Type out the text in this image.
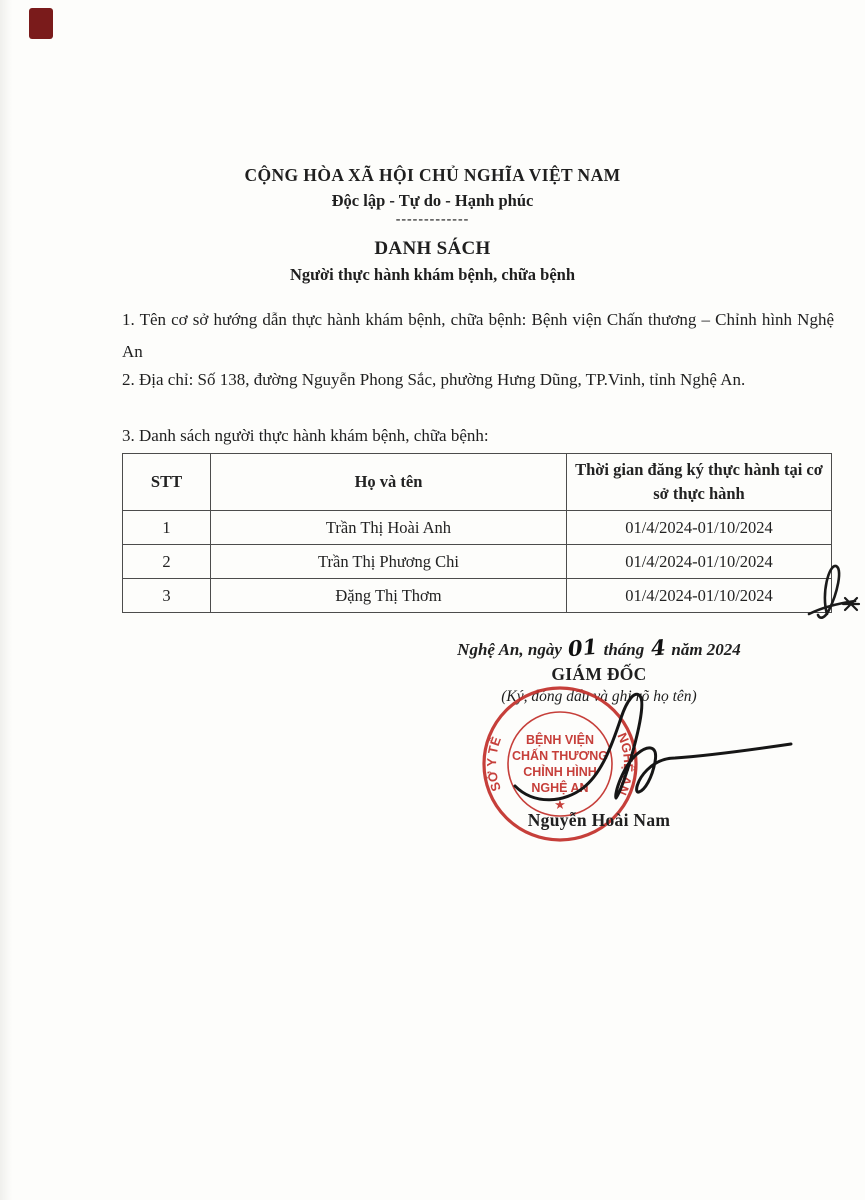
CỘNG HÒA XÃ HỘI CHỦ NGHĨA VIỆT NAM
Độc lập - Tự do - Hạnh phúc
-------------
DANH SÁCH
Người thực hành khám bệnh, chữa bệnh
1. Tên cơ sở hướng dẫn thực hành khám bệnh, chữa bệnh: Bệnh viện Chấn thương – Chỉnh hình Nghệ An
2. Địa chỉ: Số 138, đường Nguyễn Phong Sắc, phường Hưng Dũng, TP.Vinh, tỉnh Nghệ An.
3. Danh sách người thực hành khám bệnh, chữa bệnh:
STT	Họ và tên	Thời gian đăng ký thực hành tại cơ sở thực hành
1	Trần Thị Hoài Anh	01/4/2024-01/10/2024
2	Trần Thị Phương Chi	01/4/2024-01/10/2024
3	Đặng Thị Thơm	01/4/2024-01/10/2024
Nghệ An, ngày 01 tháng 4 năm 2024
GIÁM ĐỐC
(Ký, đóng dấu và ghi rõ họ tên)
SỞ Y TẾ	NGHỆ AN
BỆNH VIỆN
CHẤN THƯƠNG
CHỈNH HÌNH
NGHỆ AN
★
Nguyễn Hoài Nam
